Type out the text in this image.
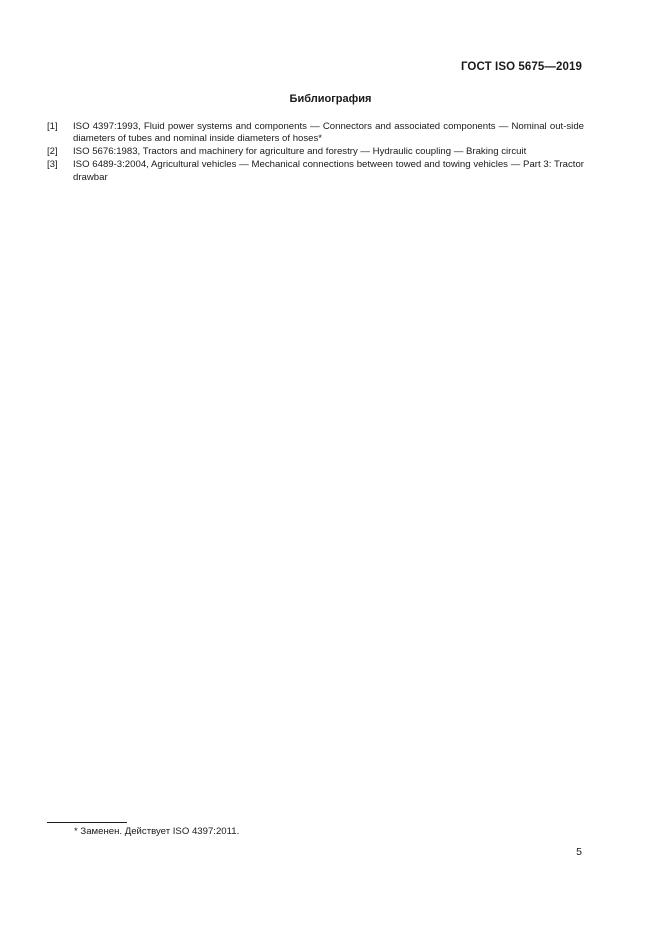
ГОСТ ISO 5675—2019
Библиография
[1]	ISO 4397:1993, Fluid power systems and components — Connectors and associated components — Nominal out-side diameters of tubes and nominal inside diameters of hoses*
[2]	ISO 5676:1983, Tractors and machinery for agriculture and forestry — Hydraulic coupling — Braking circuit
[3]	ISO 6489-3:2004, Agricultural vehicles — Mechanical connections between towed and towing vehicles — Part 3: Tractor drawbar
* Заменен. Действует ISO 4397:2011.
5
